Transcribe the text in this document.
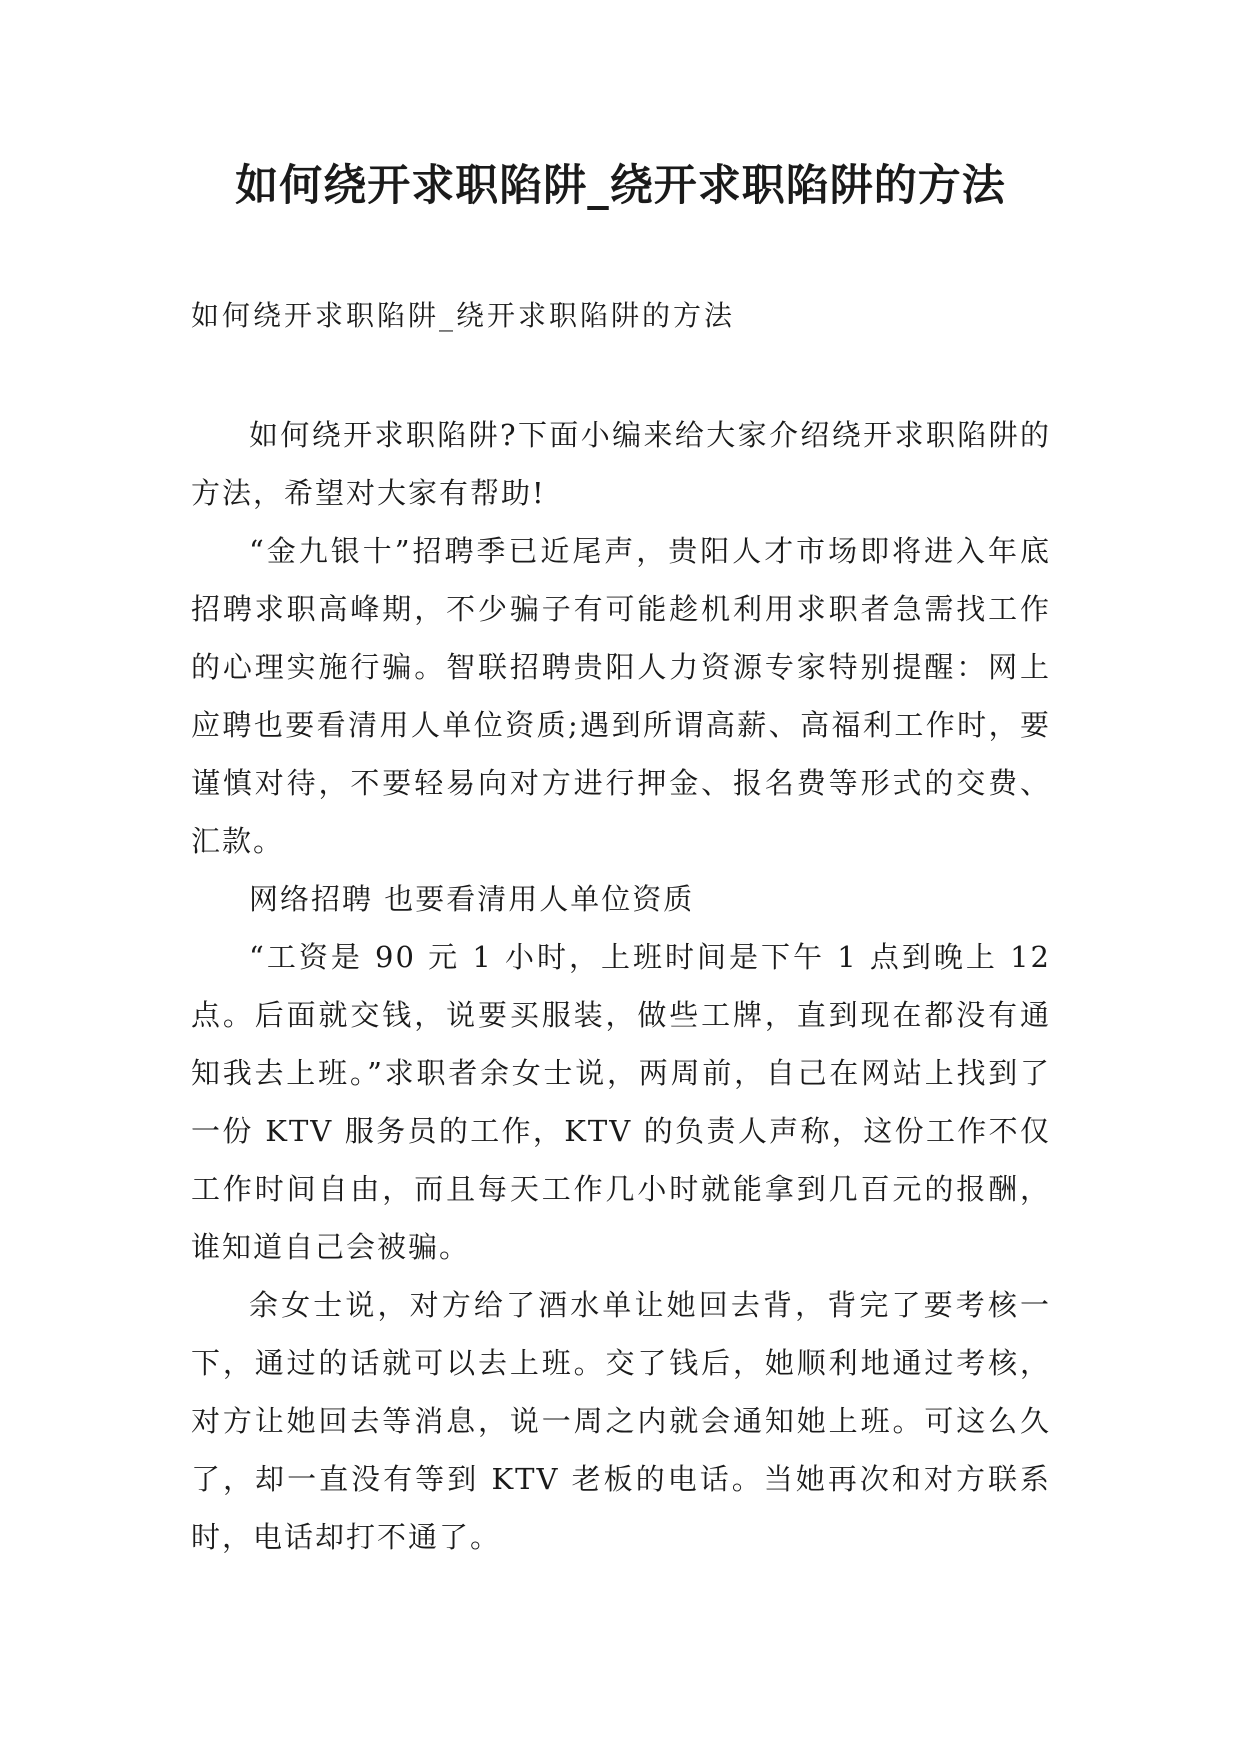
如何绕开求职陷阱_绕开求职陷阱的方法

如何绕开求职陷阱_绕开求职陷阱的方法

如何绕开求职陷阱?下面小编来给大家介绍绕开求职陷阱的方法，希望对大家有帮助!

“金九银十”招聘季已近尾声，贵阳人才市场即将进入年底招聘求职高峰期，不少骗子有可能趁机利用求职者急需找工作的心理实施行骗。智联招聘贵阳人力资源专家特别提醒：网上应聘也要看清用人单位资质;遇到所谓高薪、高福利工作时，要谨慎对待，不要轻易向对方进行押金、报名费等形式的交费、汇款。

网络招聘 也要看清用人单位资质

“工资是 90 元 1 小时，上班时间是下午 1 点到晚上 12 点。后面就交钱，说要买服装，做些工牌，直到现在都没有通知我去上班。”求职者余女士说，两周前，自己在网站上找到了一份 KTV 服务员的工作，KTV 的负责人声称，这份工作不仅工作时间自由，而且每天工作几小时就能拿到几百元的报酬，谁知道自己会被骗。

余女士说，对方给了酒水单让她回去背，背完了要考核一下，通过的话就可以去上班。交了钱后，她顺利地通过考核，对方让她回去等消息，说一周之内就会通知她上班。可这么久了，却一直没有等到 KTV 老板的电话。当她再次和对方联系时，电话却打不通了。
